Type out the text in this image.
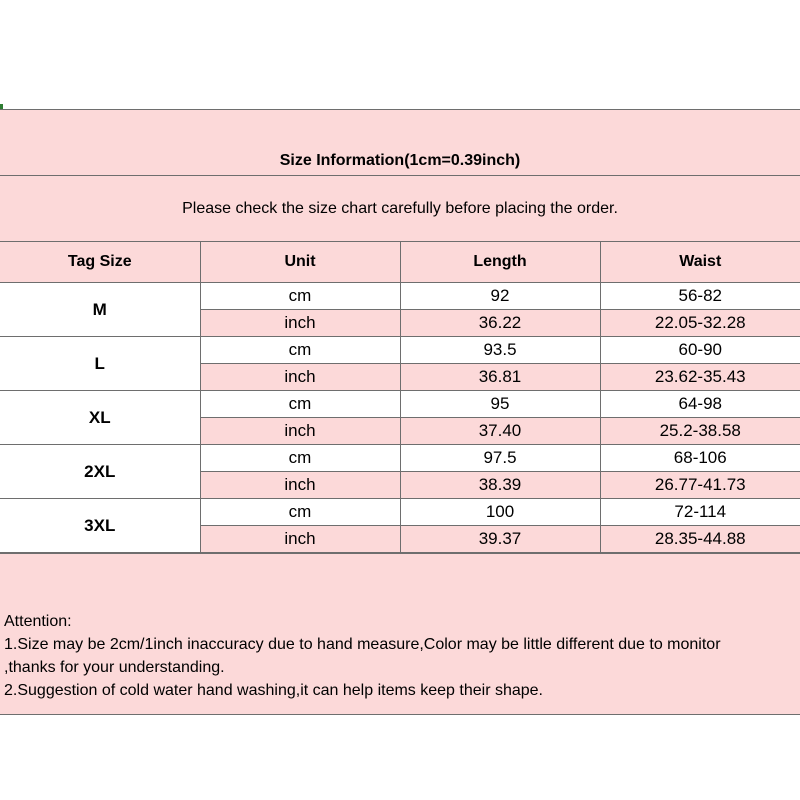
Size Information(1cm=0.39inch)
Please check the size chart carefully before placing the order.
Tag Size	Unit	Length	Waist
M	cm	92	56-82
	inch	36.22	22.05-32.28
L	cm	93.5	60-90
	inch	36.81	23.62-35.43
XL	cm	95	64-98
	inch	37.40	25.2-38.58
2XL	cm	97.5	68-106
	inch	38.39	26.77-41.73
3XL	cm	100	72-114
	inch	39.37	28.35-44.88
Attention:
1.Size may be 2cm/1inch inaccuracy due to hand measure,Color may be little different due to monitor
,thanks for your understanding.
2.Suggestion of cold water hand washing,it can help items keep their shape.
